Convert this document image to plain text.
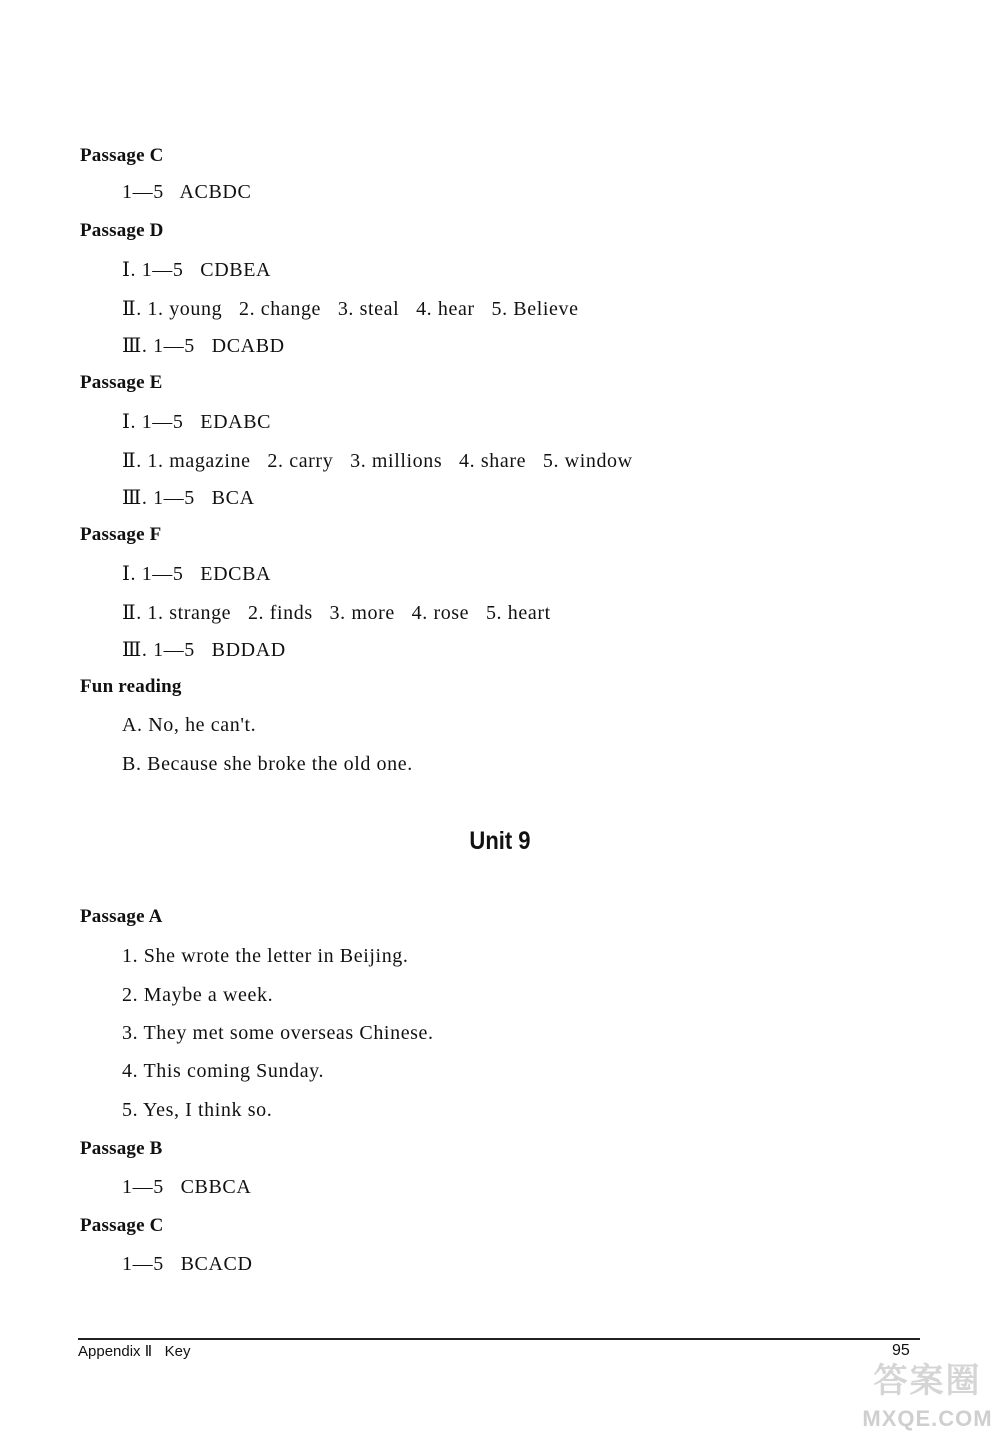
Passage C
1—5   ACBDC
Passage D
Ⅰ. 1—5   CDBEA
Ⅱ. 1. young   2. change   3. steal   4. hear   5. Believe
Ⅲ. 1—5   DCABD
Passage E
Ⅰ. 1—5   EDABC
Ⅱ. 1. magazine   2. carry   3. millions   4. share   5. window
Ⅲ. 1—5   BCA
Passage F
Ⅰ. 1—5   EDCBA
Ⅱ. 1. strange   2. finds   3. more   4. rose   5. heart
Ⅲ. 1—5   BDDAD
Fun reading
A. No, he can't.
B. Because she broke the old one.
Unit 9
Passage A
1. She wrote the letter in Beijing.
2. Maybe a week.
3. They met some overseas Chinese.
4. This coming Sunday.
5. Yes, I think so.
Passage B
1—5   CBBCA
Passage C
1—5   BCACD
Appendix Ⅱ   Key	95
答案圈
MXQE.COM
